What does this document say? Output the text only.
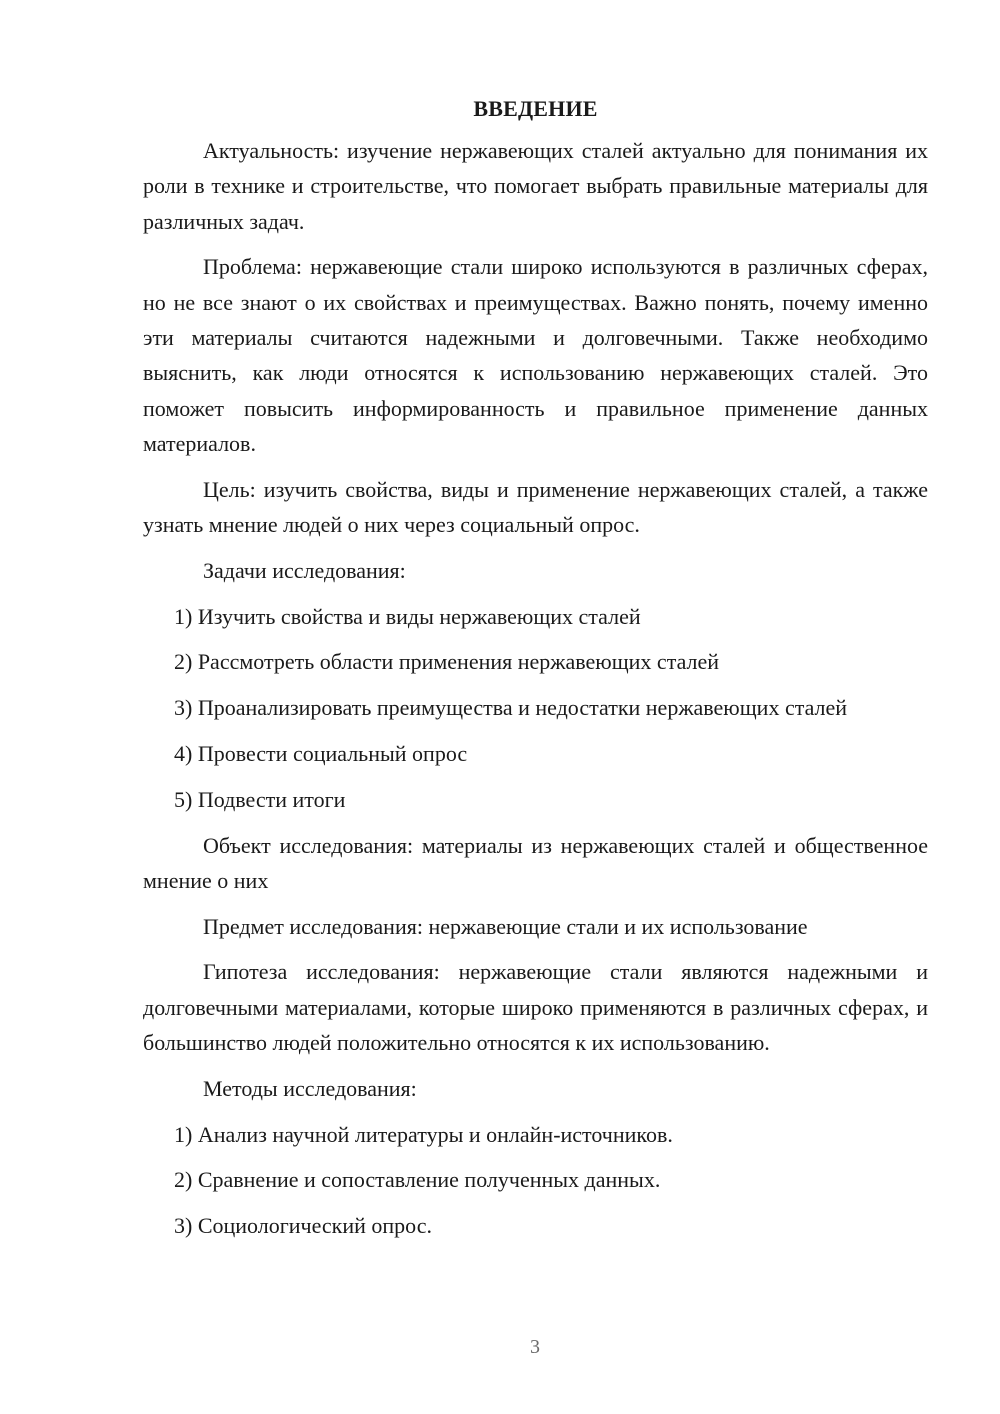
ВВЕДЕНИЕ

Актуальность: изучение нержавеющих сталей актуально для понимания их роли в технике и строительстве, что помогает выбрать правильные материалы для различных задач.

Проблема: нержавеющие стали широко используются в различных сферах, но не все знают о их свойствах и преимуществах. Важно понять, почему именно эти материалы считаются надежными и долговечными. Также необходимо выяснить, как люди относятся к использованию нержавеющих сталей. Это поможет повысить информированность и правильное применение данных материалов.

Цель: изучить свойства, виды и применение нержавеющих сталей, а также узнать мнение людей о них через социальный опрос.

Задачи исследования:

1) Изучить свойства и виды нержавеющих сталей

2) Рассмотреть области применения нержавеющих сталей

3) Проанализировать преимущества и недостатки нержавеющих сталей

4) Провести социальный опрос

5) Подвести итоги

Объект исследования: материалы из нержавеющих сталей и общественное мнение о них

Предмет исследования: нержавеющие стали и их использование

Гипотеза исследования: нержавеющие стали являются надежными и долговечными материалами, которые широко применяются в различных сферах, и большинство людей положительно относятся к их использованию.

Методы исследования:

1) Анализ научной литературы и онлайн-источников.

2) Сравнение и сопоставление полученных данных.

3) Социологический опрос.

3
